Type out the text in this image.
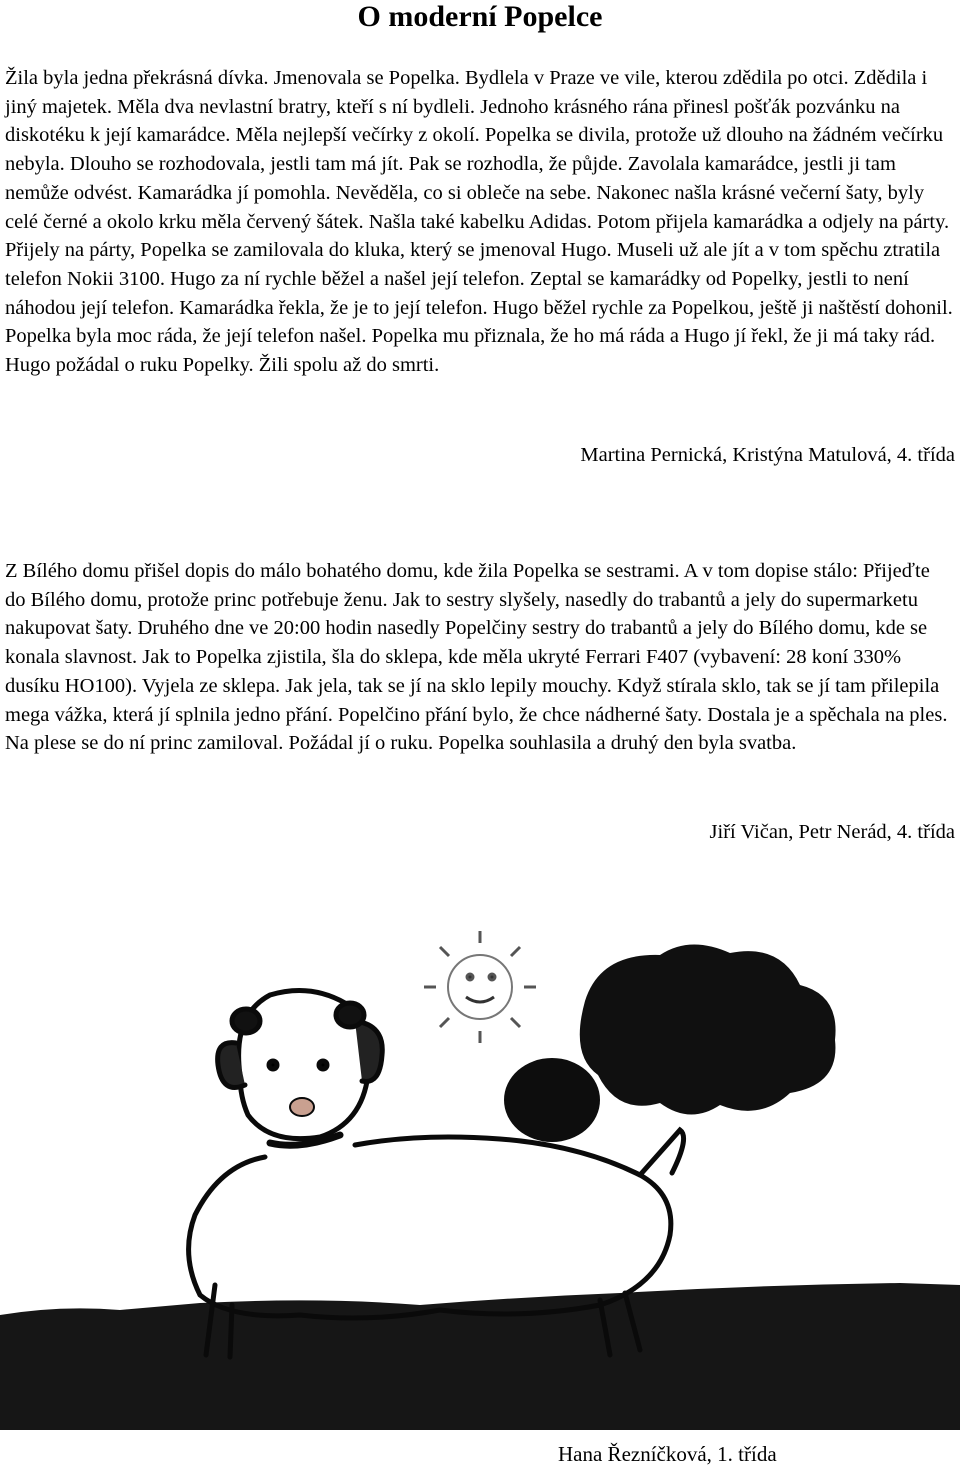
O moderní Popelce
Žila byla jedna překrásná dívka. Jmenovala se Popelka. Bydlela v Praze ve vile, kterou zdědila po otci. Zdědila i jiný majetek. Měla dva nevlastní bratry, kteří s ní bydleli. Jednoho krásného rána přinesl pošťák pozvánku na diskotéku k její kamarádce. Měla nejlepší večírky z okolí. Popelka se divila, protože už dlouho na žádném večírku nebyla. Dlouho se rozhodovala, jestli tam má jít. Pak se rozhodla, že půjde. Zavolala kamarádce, jestli ji tam nemůže odvést. Kamarádka jí pomohla. Nevěděla, co si obleče na sebe. Nakonec našla krásné večerní šaty, byly celé černé a okolo krku měla červený šátek. Našla také kabelku Adidas. Potom přijela kamarádka a odjely na párty. Přijely na párty, Popelka se zamilovala do kluka, který se jmenoval Hugo. Museli už ale jít a v tom spěchu ztratila telefon Nokii 3100. Hugo za ní rychle běžel a našel její telefon. Zeptal se kamarádky od Popelky, jestli to není náhodou její telefon. Kamarádka řekla, že je to její telefon. Hugo běžel rychle za Popelkou, ještě ji naštěstí dohonil. Popelka byla moc ráda, že její telefon našel. Popelka mu přiznala, že ho má ráda a Hugo jí řekl, že ji má taky rád. Hugo požádal o ruku Popelky. Žili spolu až do smrti.
Martina Pernická, Kristýna Matulová, 4. třída
Z Bílého domu přišel dopis do málo bohatého domu, kde žila Popelka se sestrami. A v tom dopise stálo: Přijeďte do Bílého domu, protože princ potřebuje ženu. Jak to sestry slyšely, nasedly do trabantů a jely do supermarketu nakupovat šaty. Druhého dne ve 20:00 hodin nasedly Popelčiny sestry do trabantů a jely do Bílého domu, kde se konala slavnost. Jak to Popelka zjistila, šla do sklepa, kde měla ukryté Ferrari F407 (vybavení: 28 koní 330% dusíku HO100). Vyjela ze sklepa. Jak jela, tak se jí na sklo lepily mouchy. Když stírala sklo, tak se jí tam přilepila mega vážka, která jí splnila jedno přání. Popelčino přání bylo, že chce nádherné šaty. Dostala je a spěchala na ples. Na plese se do ní princ zamiloval. Požádal jí o ruku. Popelka souhlasila a druhý den byla svatba.
Jiří Vičan, Petr Nerád, 4. třída
Hana Řezníčková, 1. třída
